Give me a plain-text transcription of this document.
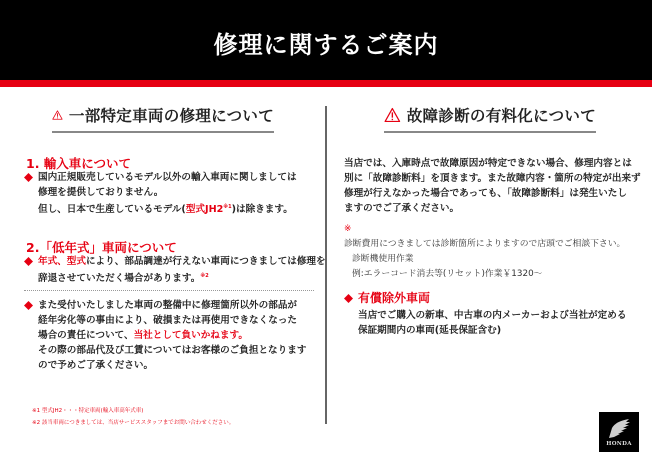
修理に関するご案内
一部特定車両の修理について	故障診断の有料化について
1. 輸入車について
国内正規販売しているモデル以外の輸入車両に関しましては
修理を提供しておりません。
但し、日本で生産しているモデル(型式JH2$^{※1}$)は除きます。
2.「低年式」車両について
年式、型式により、部品調達が行えない車両につきましては修理を
辞退させていただく場合があります。$^{※2}$
また受付いたしました車両の整備中に修理箇所以外の部品が
経年劣化等の事由により、破損または再使用できなくなった
場合の責任について、当社として負いかねます。
その際の部品代及び工賃についてはお客様のご負担となります
ので予めご了承ください。
※1 型式JH2・・・特定車両(輸入車高年式車)
※2 該当車両につきましては、当店サービススタッフまでお問い合わせください。
当店では、入庫時点で故障原因が特定できない場合、修理内容とは
別に「故障診断料」を頂きます。また故障内容・箇所の特定が出来ず
修理が行えなかった場合であっても、「故障診断料」は発生いたし
ますのでご了承ください。
※
診断費用につきましては診断箇所によりますので店頭でご相談下さい。
診断機使用作業
例:エラーコード消去等(リセット)作業￥1320～
有償除外車両
当店でご購入の新車、中古車の内メーカーおよび当社が定める
保証期間内の車両(延長保証含む)
HONDA
